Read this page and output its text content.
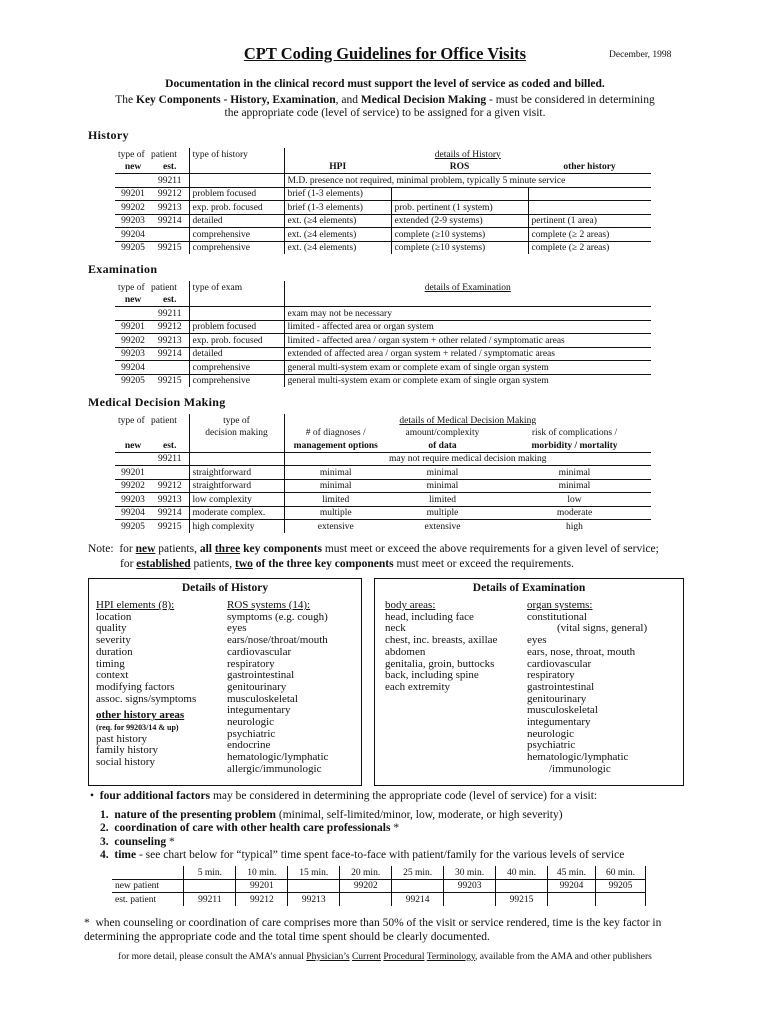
CPT Coding Guidelines for Office Visits	December, 1998
Documentation in the clinical record must support the level of service as coded and billed.
The Key Components - History, Examination, and Medical Decision Making - must be considered in determining the appropriate code (level of service) to be assigned for a given visit.
History
type of	patient	type of history	details of History		
new	est.		HPI	ROS	other history
	99211		M.D. presence not required, minimal problem, typically 5 minute service		
99201	99212	problem focused	brief (1-3 elements)		
99202	99213	exp. prob. focused	brief (1-3 elements)	prob. pertinent (1 system)	
99203	99214	detailed	ext. (≥4 elements)	extended (2-9 systems)	pertinent (1 area)
99204		comprehensive	ext. (≥4 elements)	complete (≥10 systems)	complete (≥ 2 areas)
99205	99215	comprehensive	ext. (≥4 elements)	complete (≥10 systems)	complete (≥ 2 areas)
Examination
type of	patient	type of exam	details of Examination
new	est.		
	99211		exam may not be necessary
99201	99212	problem focused	limited - affected area or organ system
99202	99213	exp. prob. focused	limited - affected area / organ system + other related / symptomatic areas
99203	99214	detailed	extended of affected area / organ system + related / symptomatic areas
99204		comprehensive	general multi-system exam or complete exam of single organ system
99205	99215	comprehensive	general multi-system exam or complete exam of single organ system
Medical Decision Making
type of	patient	type of	details of Medical Decision Making		
		decision making	# of diagnoses /	amount/complexity	risk of complications /
new	est.		management options	of data	morbidity / mortality
	99211		may not require medical decision making		
99201		straightforward	minimal	minimal	minimal
99202	99212	straightforward	minimal	minimal	minimal
99203	99213	low complexity	limited	limited	low
99204	99214	moderate complex.	multiple	multiple	moderate
99205	99215	high complexity	extensive	extensive	high
Note: for new patients, all three key components must meet or exceed the above requirements for a given level of service;
for established patients, two of the three key components must meet or exceed the requirements.
Details of History
HPI elements (8):
location
quality
severity
duration
timing
context
modifying factors
assoc. signs/symptoms
other history areas
(req. for 99203/14 & up)
past history
family history
social history
ROS systems (14):
symptoms (e.g. cough)
eyes
ears/nose/throat/mouth
cardiovascular
respiratory
gastrointestinal
genitourinary
musculoskeletal
integumentary
neurologic
psychiatric
endocrine
hematologic/lymphatic
allergic/immunologic
Details of Examination
body areas:
head, including face
neck
chest, inc. breasts, axillae
abdomen
genitalia, groin, buttocks
back, including spine
each extremity
organ systems:
constitutional
(vital signs, general)
eyes
ears, nose, throat, mouth
cardiovascular
respiratory
gastrointestinal
genitourinary
musculoskeletal
integumentary
neurologic
psychiatric
hematologic/lymphatic
/immunologic
• four additional factors may be considered in determining the appropriate code (level of service) for a visit:
1. nature of the presenting problem (minimal, self-limited/minor, low, moderate, or high severity)
2. coordination of care with other health care professionals *
3. counseling *
4. time - see chart below for “typical” time spent face-to-face with patient/family for the various levels of service
	5 min.	10 min.	15 min.	20 min.	25 min.	30 min.	40 min.	45 min.	60 min.
new patient		99201		99202		99203		99204	99205
est. patient	99211	99212	99213		99214		99215		
* when counseling or coordination of care comprises more than 50% of the visit or service rendered, time is the key factor in determining the appropriate code and the total time spent should be clearly documented.
for more detail, please consult the AMA’s annual Physician’s Current Procedural Terminology, available from the AMA and other publishers
